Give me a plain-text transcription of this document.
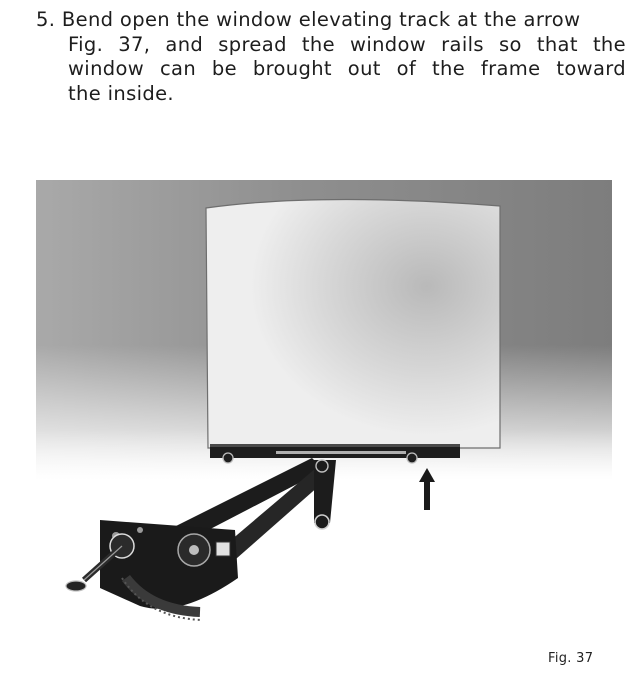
5. Bend open the window elevating track at the arrow
Fig. 37, and spread the window rails so that the
window can be brought out of the frame toward
the inside.
Fig. 37
